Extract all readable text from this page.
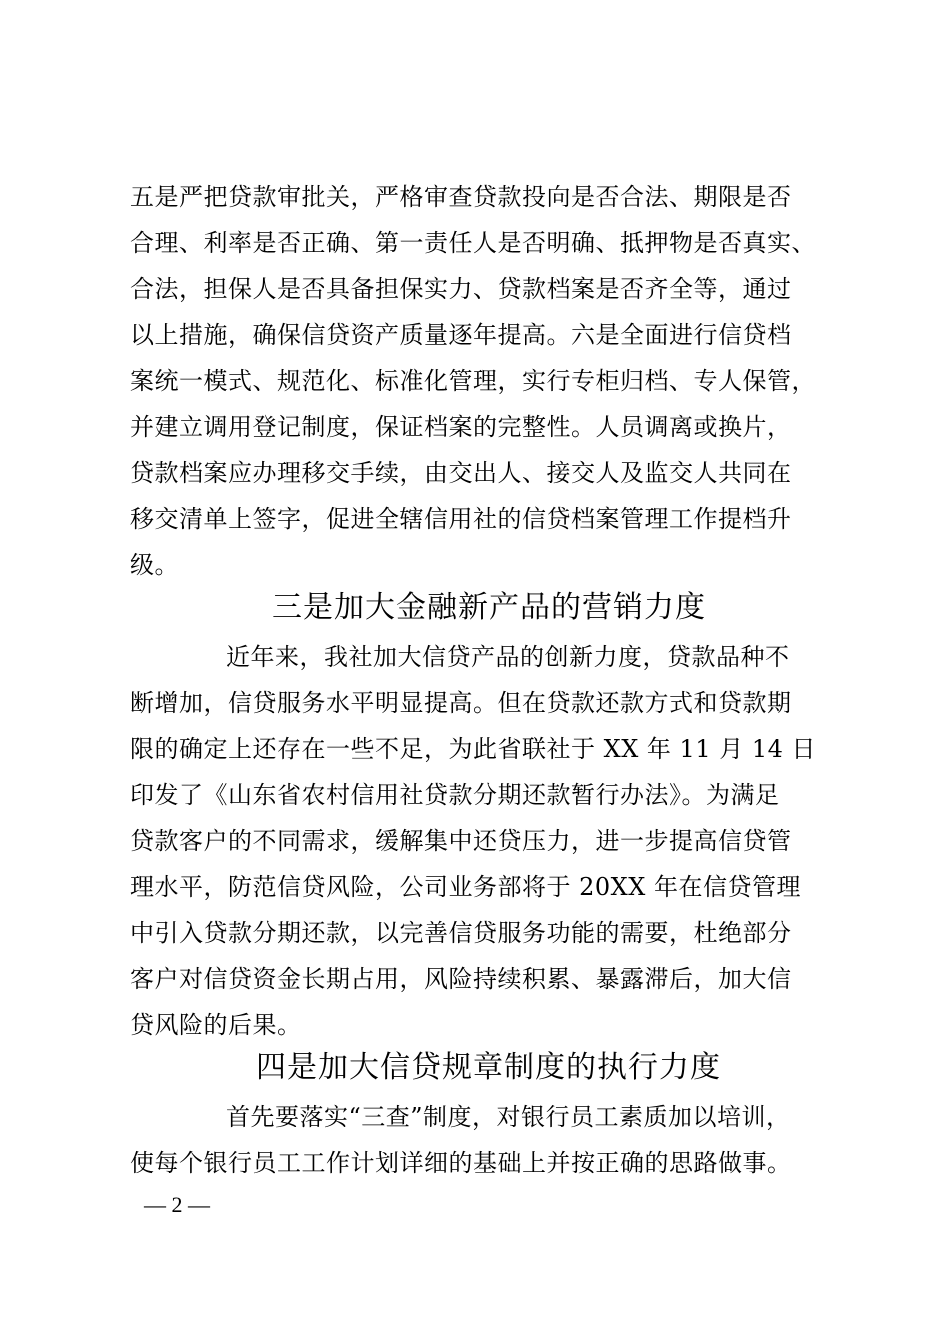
五是严把贷款审批关，严格审查贷款投向是否合法、期限是否
合理、利率是否正确、第一责任人是否明确、抵押物是否真实、
合法，担保人是否具备担保实力、贷款档案是否齐全等，通过
以上措施，确保信贷资产质量逐年提高。六是全面进行信贷档
案统一模式、规范化、标准化管理，实行专柜归档、专人保管，
并建立调用登记制度，保证档案的完整性。人员调离或换片，
贷款档案应办理移交手续，由交出人、接交人及监交人共同在
移交清单上签字，促进全辖信用社的信贷档案管理工作提档升
级。
三是加大金融新产品的营销力度
近年来，我社加大信贷产品的创新力度，贷款品种不
断增加，信贷服务水平明显提高。但在贷款还款方式和贷款期
限的确定上还存在一些不足，为此省联社于 XX 年 11 月 14 日
印发了《山东省农村信用社贷款分期还款暂行办法》。为满足
贷款客户的不同需求，缓解集中还贷压力，进一步提高信贷管
理水平，防范信贷风险，公司业务部将于 20XX 年在信贷管理
中引入贷款分期还款，以完善信贷服务功能的需要，杜绝部分
客户对信贷资金长期占用，风险持续积累、暴露滞后，加大信
贷风险的后果。
四是加大信贷规章制度的执行力度
首先要落实“三查”制度，对银行员工素质加以培训，
使每个银行员工工作计划详细的基础上并按正确的思路做事。
— 2 —
